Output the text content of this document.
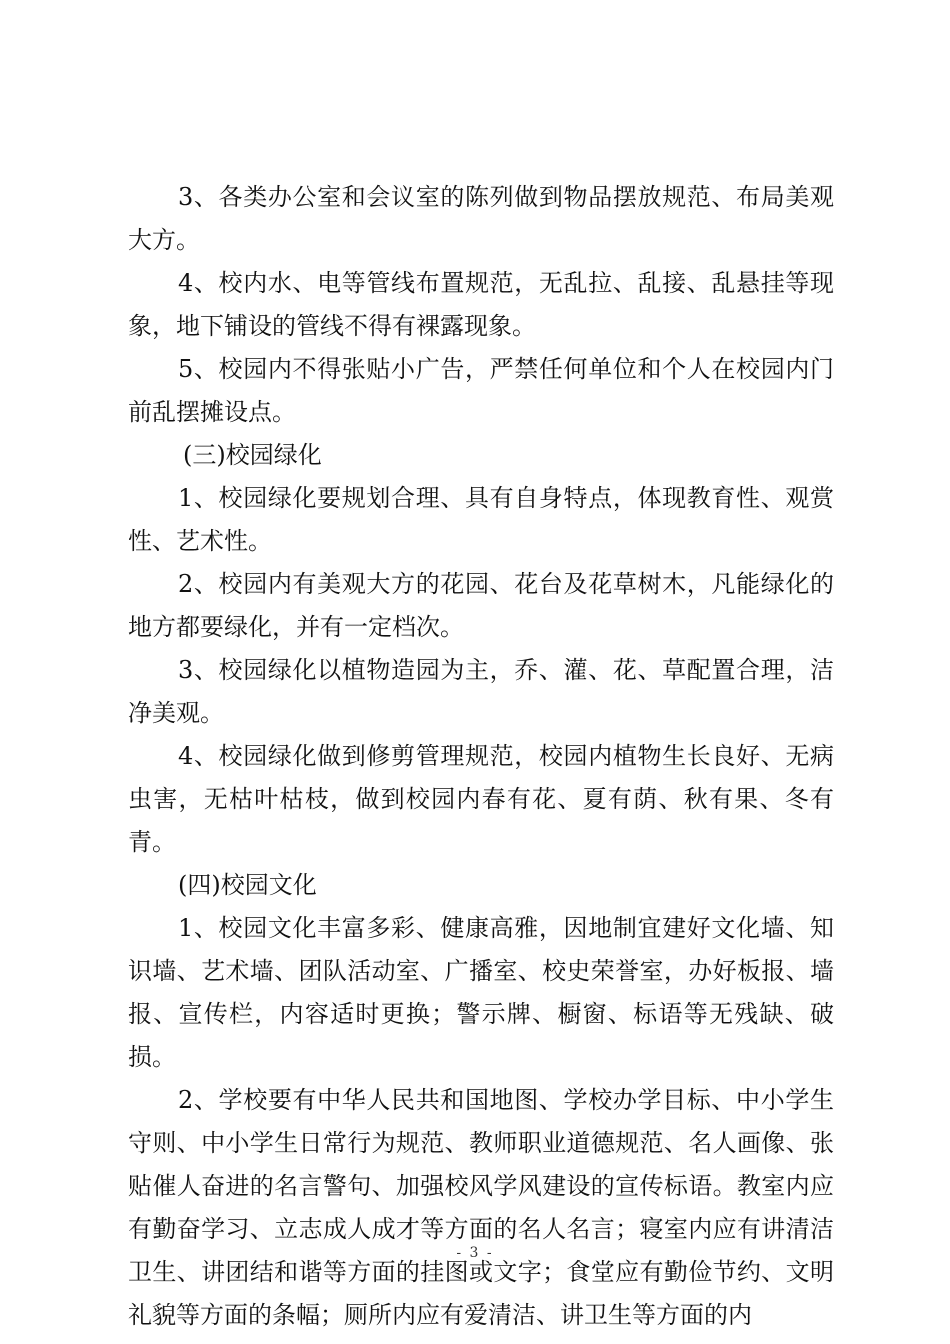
3、各类办公室和会议室的陈列做到物品摆放规范、布局美观大方。

4、校内水、电等管线布置规范，无乱拉、乱接、乱悬挂等现象，地下铺设的管线不得有裸露现象。

5、校园内不得张贴小广告，严禁任何单位和个人在校园内门前乱摆摊设点。

(三)校园绿化

1、校园绿化要规划合理、具有自身特点，体现教育性、观赏性、艺术性。

2、校园内有美观大方的花园、花台及花草树木，凡能绿化的地方都要绿化，并有一定档次。

3、校园绿化以植物造园为主，乔、灌、花、草配置合理，洁净美观。

4、校园绿化做到修剪管理规范，校园内植物生长良好、无病虫害，无枯叶枯枝，做到校园内春有花、夏有荫、秋有果、冬有青。

(四)校园文化

1、校园文化丰富多彩、健康高雅，因地制宜建好文化墙、知识墙、艺术墙、团队活动室、广播室、校史荣誉室，办好板报、墙报、宣传栏，内容适时更换；警示牌、橱窗、标语等无残缺、破损。

2、学校要有中华人民共和国地图、学校办学目标、中小学生守则、中小学生日常行为规范、教师职业道德规范、名人画像、张贴催人奋进的名言警句、加强校风学风建设的宣传标语。教室内应有勤奋学习、立志成人成才等方面的名人名言；寝室内应有讲清洁卫生、讲团结和谐等方面的挂图或文字；食堂应有勤俭节约、文明礼貌等方面的条幅；厕所内应有爱清洁、讲卫生等方面的内

- 3 -
